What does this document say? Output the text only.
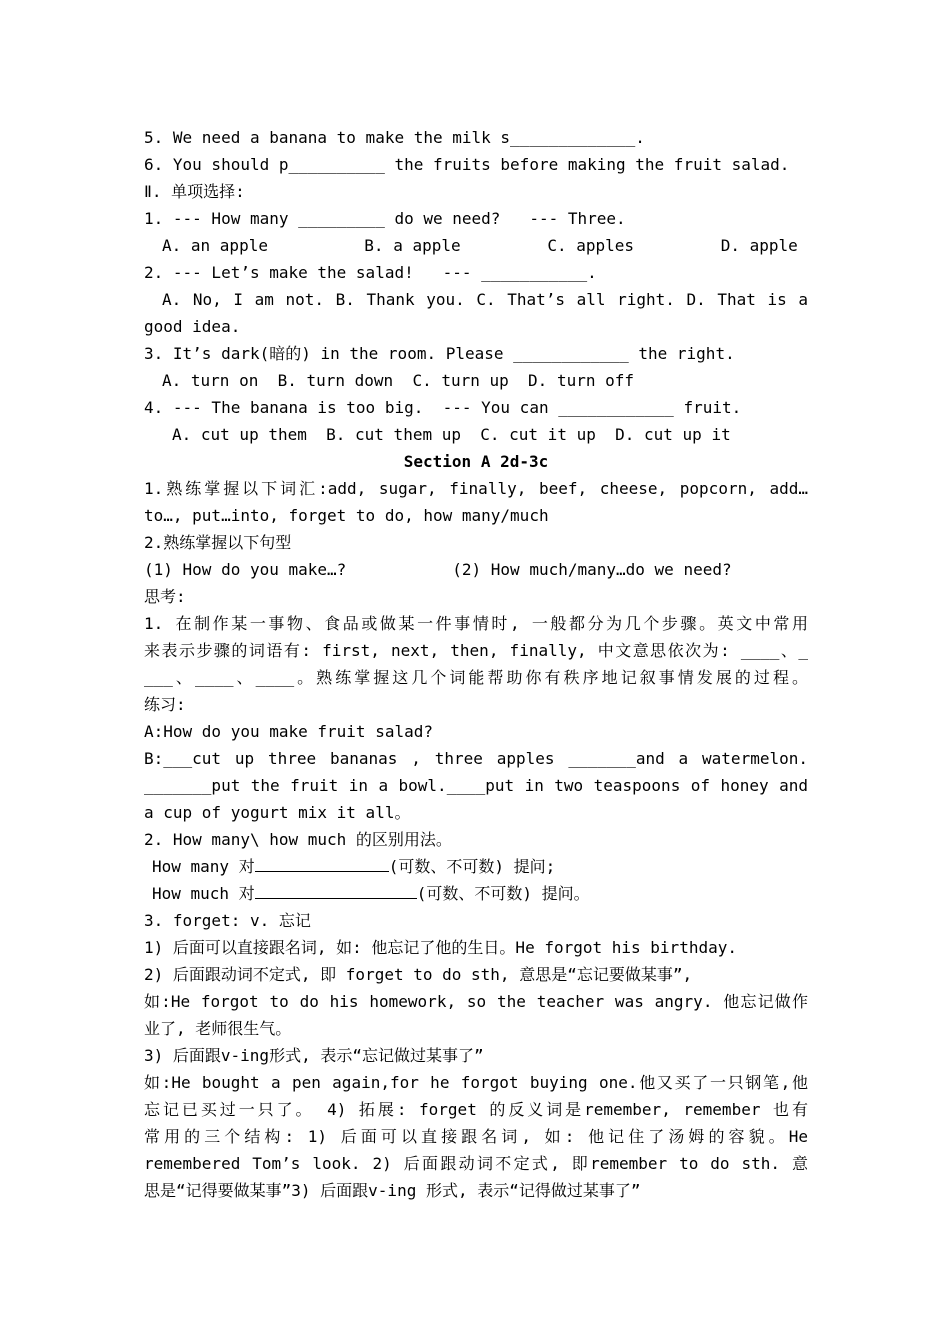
5. We need a banana to make the milk s_____________.
6. You should p__________ the fruits before making the fruit salad.
Ⅱ. 单项选择:
1. --- How many _________ do we need?   --- Three.
A. an apple          B. a apple         C. apples         D. apple
2. --- Let’s make the salad!   --- ___________.
A. No, I am not. B. Thank you. C. That’s all right. D. That is a
good idea.
3. It’s dark(暗的) in the room. Please ____________ the right.
A. turn on  B. turn down  C. turn up  D. turn off
4. --- The banana is too big.  --- You can ____________ fruit.
A. cut up them  B. cut them up  C. cut it up  D. cut up it
Section A 2d-3c
1.熟练掌握以下词汇:add, sugar, finally, beef, cheese, popcorn, add…
to…, put…into, forget to do, how many/much
2.熟练掌握以下句型
(1) How do you make…?           (2) How much/many…do we need?
思考:
1. 在制作某一事物、食品或做某一件事情时, 一般都分为几个步骤。英文中常用
来表示步骤的词语有: first, next, then, finally, 中文意思依次为: ____、_
___、____、____。熟练掌握这几个词能帮助你有秩序地记叙事情发展的过程。
练习:
A:How do you make fruit salad?
B:___cut up three bananas , three apples _______and a watermelon.
_______put the fruit in a bowl.____put in two teaspoons of honey and
a cup of yogurt mix it all。
2. How many\ how much 的区别用法。
How many 对	(可数、不可数) 提问;
How much 对	(可数、不可数) 提问。
3. forget: v. 忘记
1) 后面可以直接跟名词, 如: 他忘记了他的生日。He forgot his birthday.
2) 后面跟动词不定式, 即 forget to do sth, 意思是“忘记要做某事”,
如:He forgot to do his homework, so the teacher was angry. 他忘记做作
业了, 老师很生气。
3) 后面跟v-ing形式, 表示“忘记做过某事了”
如:He bought a pen again,for he forgot buying one.他又买了一只钢笔,他
忘记已买过一只了。 4) 拓展: forget 的反义词是remember, remember 也有
常用的三个结构: 1) 后面可以直接跟名词, 如: 他记住了汤姆的容貌。He
remembered Tom’s look. 2) 后面跟动词不定式, 即remember to do sth. 意
思是“记得要做某事”3) 后面跟v-ing 形式, 表示“记得做过某事了”
